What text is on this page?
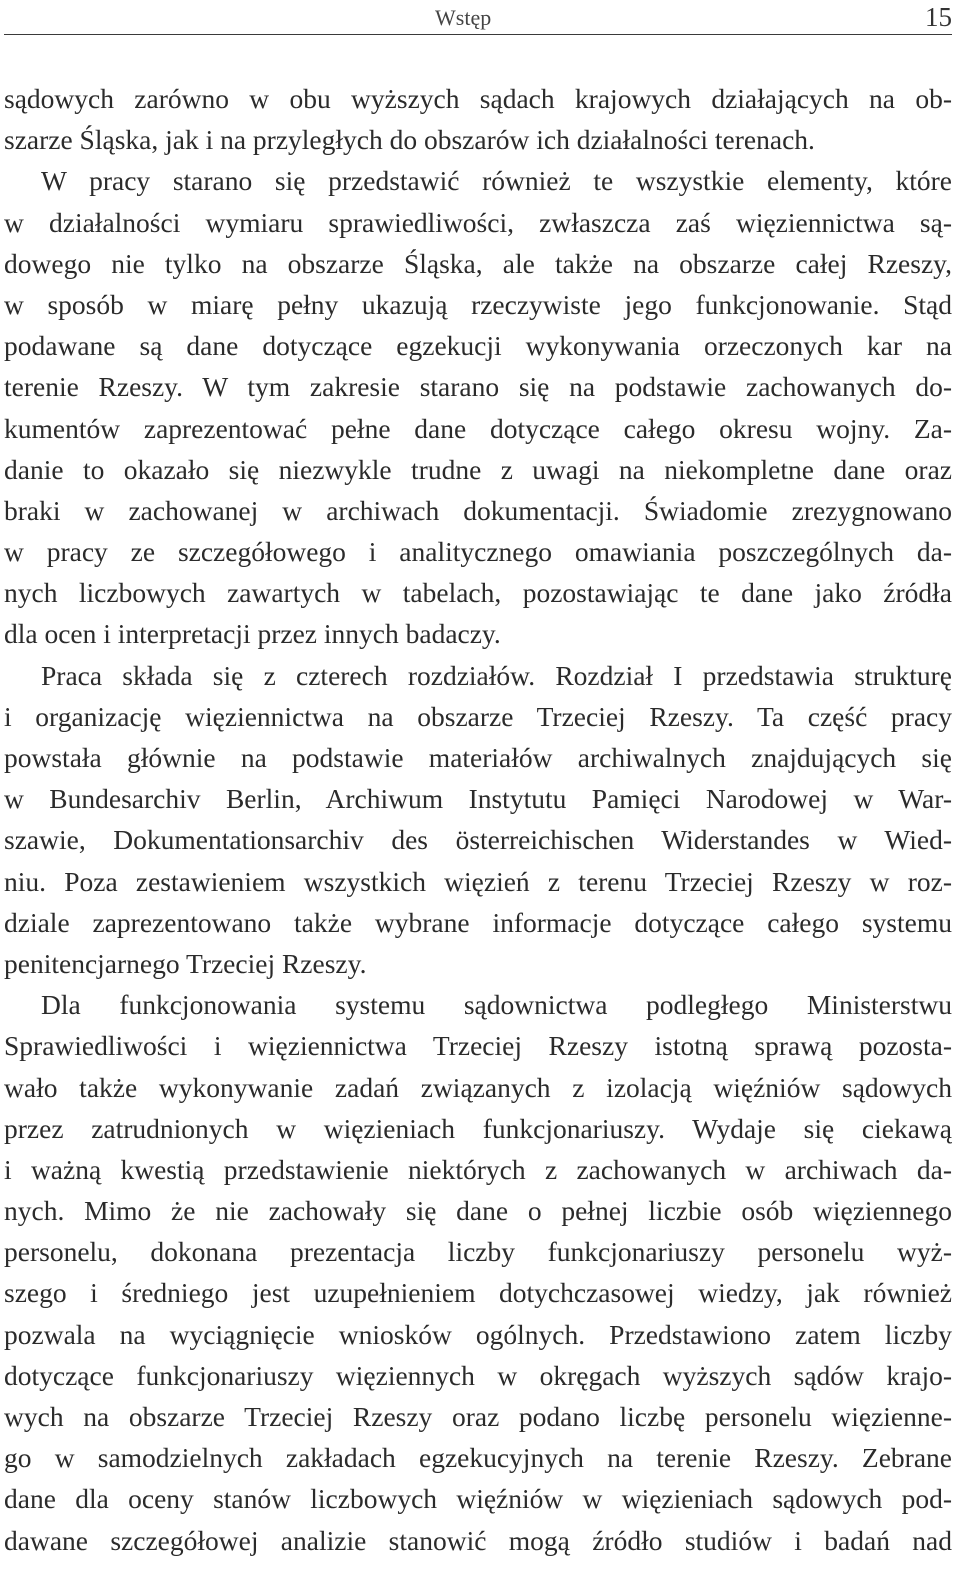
Wstęp	15
sądowych zarówno w obu wyższych sądach krajowych działających na ob-
szarze Śląska, jak i na przyległych do obszarów ich działalności terenach.
W pracy starano się przedstawić również te wszystkie elementy, które
w działalności wymiaru sprawiedliwości, zwłaszcza zaś więziennictwa są-
dowego nie tylko na obszarze Śląska, ale także na obszarze całej Rzeszy,
w sposób w miarę pełny ukazują rzeczywiste jego funkcjonowanie. Stąd
podawane są dane dotyczące egzekucji wykonywania orzeczonych kar na
terenie Rzeszy. W tym zakresie starano się na podstawie zachowanych do-
kumentów zaprezentować pełne dane dotyczące całego okresu wojny. Za-
danie to okazało się niezwykle trudne z uwagi na niekompletne dane oraz
braki w zachowanej w archiwach dokumentacji. Świadomie zrezygnowano
w pracy ze szczegółowego i analitycznego omawiania poszczególnych da-
nych liczbowych zawartych w tabelach, pozostawiając te dane jako źródła
dla ocen i interpretacji przez innych badaczy.
Praca składa się z czterech rozdziałów. Rozdział I przedstawia strukturę
i organizację więziennictwa na obszarze Trzeciej Rzeszy. Ta część pracy
powstała głównie na podstawie materiałów archiwalnych znajdujących się
w Bundesarchiv Berlin, Archiwum Instytutu Pamięci Narodowej w War-
szawie, Dokumentationsarchiv des österreichischen Widerstandes w Wied-
niu. Poza zestawieniem wszystkich więzień z terenu Trzeciej Rzeszy w roz-
dziale zaprezentowano także wybrane informacje dotyczące całego systemu
penitencjarnego Trzeciej Rzeszy.
Dla funkcjonowania systemu sądownictwa podległego Ministerstwu
Sprawiedliwości i więziennictwa Trzeciej Rzeszy istotną sprawą pozosta-
wało także wykonywanie zadań związanych z izolacją więźniów sądowych
przez zatrudnionych w więzieniach funkcjonariuszy. Wydaje się ciekawą
i ważną kwestią przedstawienie niektórych z zachowanych w archiwach da-
nych. Mimo że nie zachowały się dane o pełnej liczbie osób więziennego
personelu, dokonana prezentacja liczby funkcjonariuszy personelu wyż-
szego i średniego jest uzupełnieniem dotychczasowej wiedzy, jak również
pozwala na wyciągnięcie wniosków ogólnych. Przedstawiono zatem liczby
dotyczące funkcjonariuszy więziennych w okręgach wyższych sądów krajo-
wych na obszarze Trzeciej Rzeszy oraz podano liczbę personelu więzienne-
go w samodzielnych zakładach egzekucyjnych na terenie Rzeszy. Zebrane
dane dla oceny stanów liczbowych więźniów w więzieniach sądowych pod-
dawane szczegółowej analizie stanowić mogą źródło studiów i badań nad
